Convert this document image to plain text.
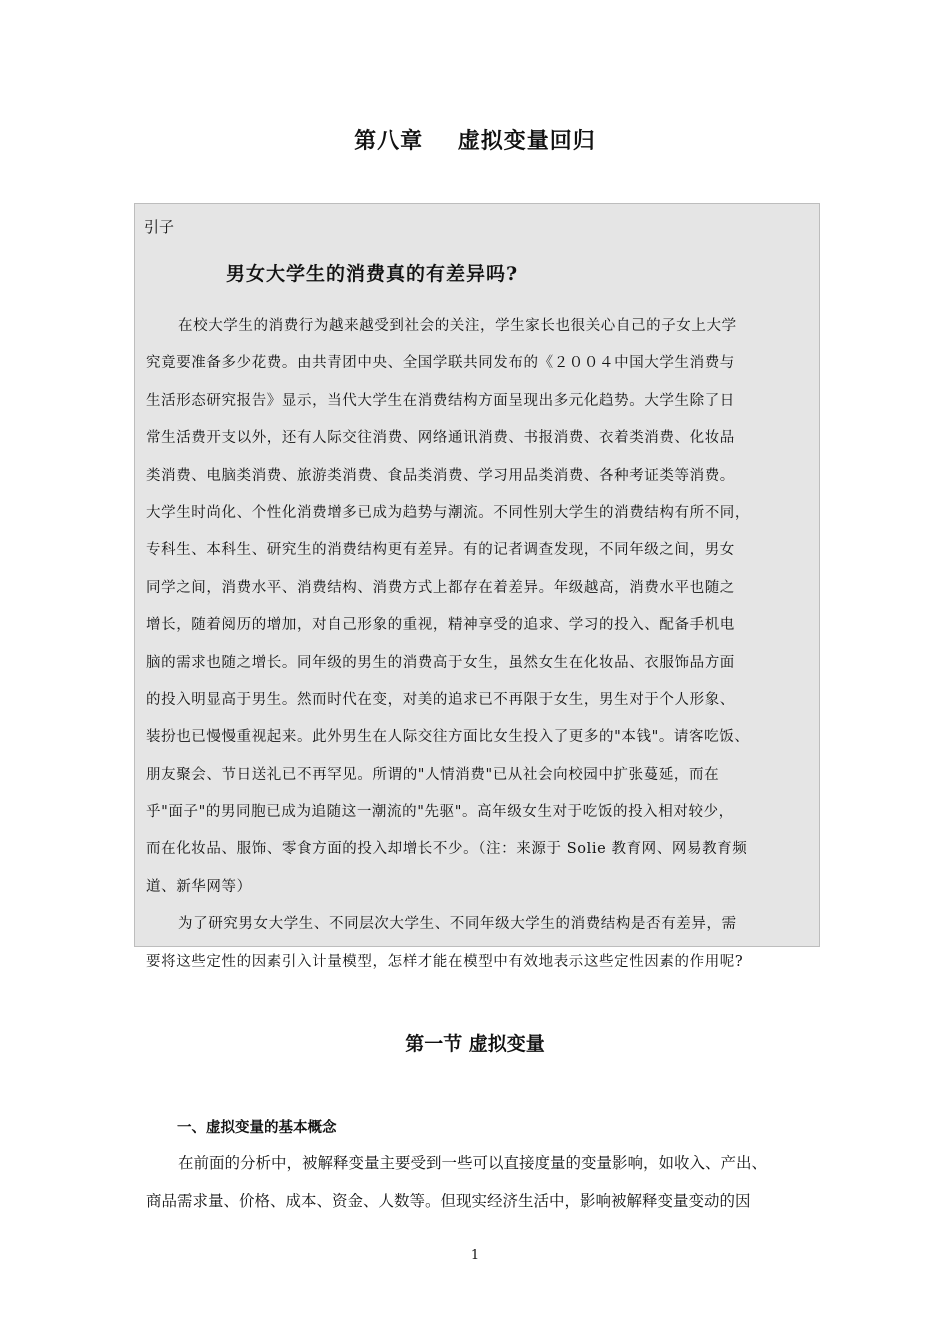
第八章    虚拟变量回归
引子
男女大学生的消费真的有差异吗?
在校大学生的消费行为越来越受到社会的关注，学生家长也很关心自己的子女上大学
究竟要准备多少花费。由共青团中央、全国学联共同发布的《２００４中国大学生消费与
生活形态研究报告》显示，当代大学生在消费结构方面呈现出多元化趋势。大学生除了日
常生活费开支以外，还有人际交往消费、网络通讯消费、书报消费、衣着类消费、化妆品
类消费、电脑类消费、旅游类消费、食品类消费、学习用品类消费、各种考证类等消费。
大学生时尚化、个性化消费增多已成为趋势与潮流。不同性别大学生的消费结构有所不同，
专科生、本科生、研究生的消费结构更有差异。有的记者调查发现，不同年级之间，男女
同学之间，消费水平、消费结构、消费方式上都存在着差异。年级越高，消费水平也随之
增长，随着阅历的增加，对自己形象的重视，精神享受的追求、学习的投入、配备手机电
脑的需求也随之增长。同年级的男生的消费高于女生，虽然女生在化妆品、衣服饰品方面
的投入明显高于男生。然而时代在变，对美的追求已不再限于女生，男生对于个人形象、
装扮也已慢慢重视起来。此外男生在人际交往方面比女生投入了更多的"本钱"。请客吃饭、
朋友聚会、节日送礼已不再罕见。所谓的"人情消费"已从社会向校园中扩张蔓延，而在
乎"面子"的男同胞已成为追随这一潮流的"先驱"。高年级女生对于吃饭的投入相对较少，
而在化妆品、服饰、零食方面的投入却增长不少。（注：来源于 Solie 教育网、网易教育频
道、新华网等）
为了研究男女大学生、不同层次大学生、不同年级大学生的消费结构是否有差异，需
要将这些定性的因素引入计量模型，怎样才能在模型中有效地表示这些定性因素的作用呢?
第一节 虚拟变量
一、虚拟变量的基本概念
在前面的分析中，被解释变量主要受到一些可以直接度量的变量影响，如收入、产出、
商品需求量、价格、成本、资金、人数等。但现实经济生活中，影响被解释变量变动的因
1
